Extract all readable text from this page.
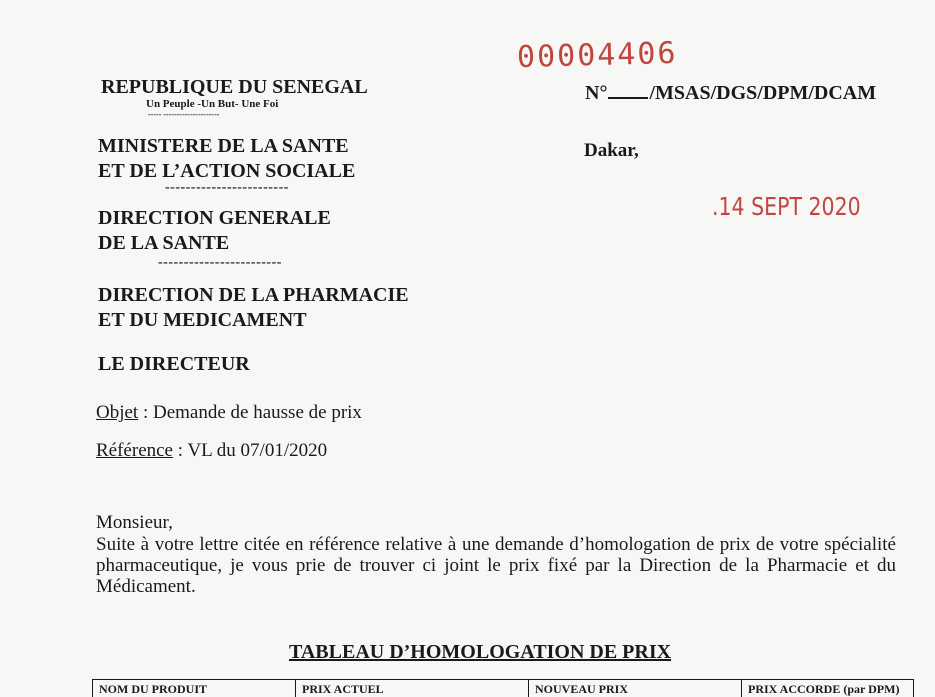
00004406
N° /MSAS/DGS/DPM/DCAM
Dakar,
.14 SEPT 2020
REPUBLIQUE DU SENEGAL
Un Peuple -Un But- Une Foi
----- ---------------------
MINISTERE DE LA SANTE
ET DE L’ACTION SOCIALE
------------------------
DIRECTION GENERALE
DE LA SANTE
------------------------
DIRECTION DE LA PHARMACIE
ET DU MEDICAMENT
LE DIRECTEUR
Objet : Demande de hausse de prix
Référence : VL du 07/01/2020
Monsieur,
Suite à votre lettre citée en référence relative à une demande d’homologation de prix de votre spécialité pharmaceutique, je vous prie de trouver ci joint le prix fixé par la Direction de la Pharmacie et du Médicament.
TABLEAU D’HOMOLOGATION DE PRIX
NOM DU PRODUIT	PRIX ACTUEL	NOUVEAU PRIX	PRIX ACCORDE (par DPM)
